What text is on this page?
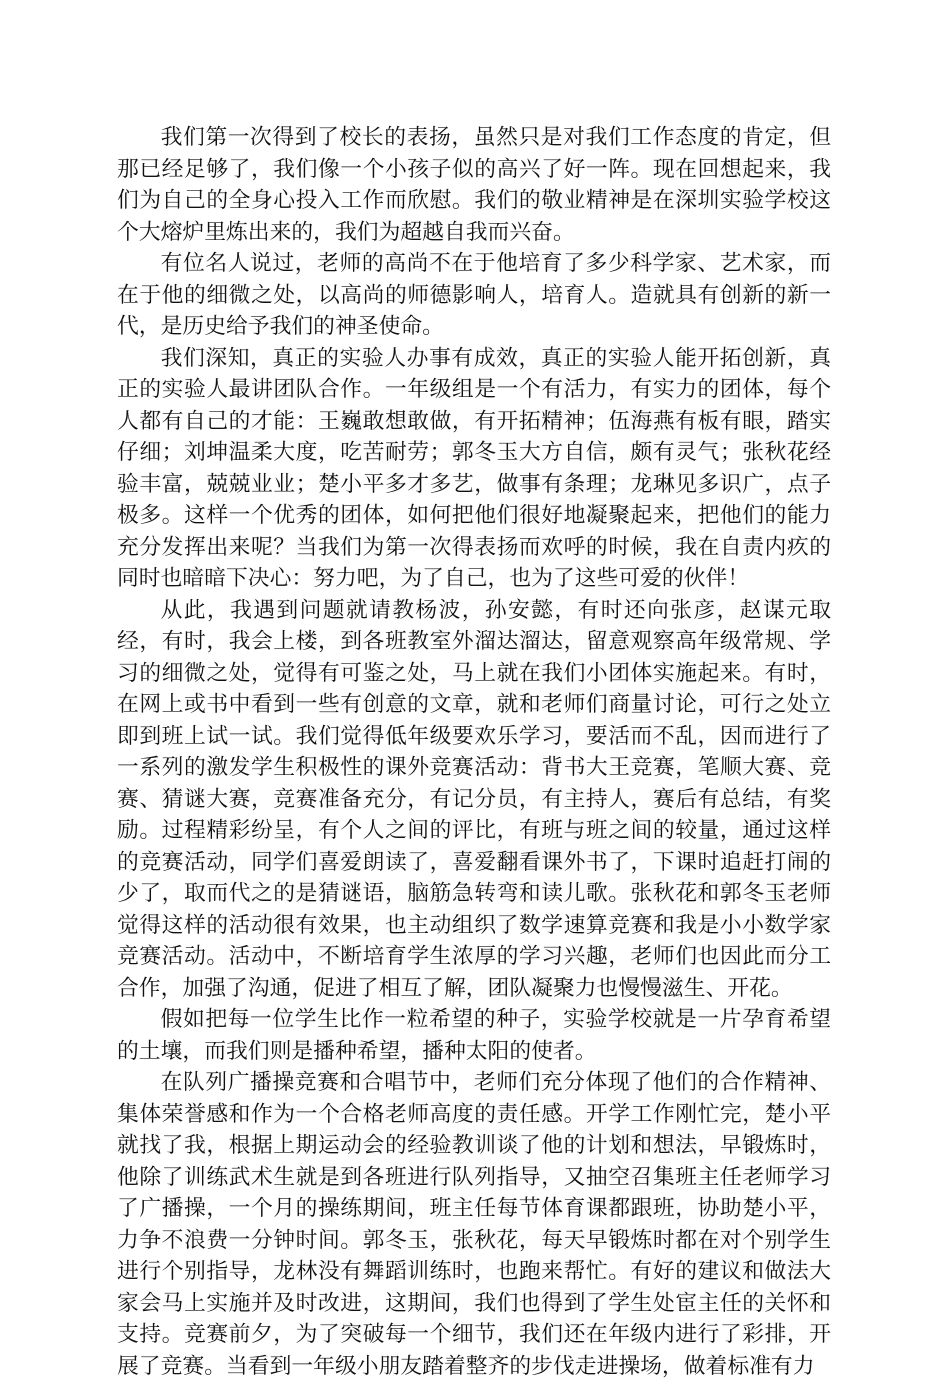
我们第一次得到了校长的表扬，虽然只是对我们工作态度的肯定，但那已经足够了，我们像一个小孩子似的高兴了好一阵。现在回想起来，我们为自己的全身心投入工作而欣慰。我们的敬业精神是在深圳实验学校这个大熔炉里炼出来的，我们为超越自我而兴奋。

有位名人说过，老师的高尚不在于他培育了多少科学家、艺术家，而在于他的细微之处，以高尚的师德影响人，培育人。造就具有创新的新一代，是历史给予我们的神圣使命。

我们深知，真正的实验人办事有成效，真正的实验人能开拓创新，真正的实验人最讲团队合作。一年级组是一个有活力，有实力的团体，每个人都有自己的才能：王巍敢想敢做，有开拓精神；伍海燕有板有眼，踏实仔细；刘坤温柔大度，吃苦耐劳；郭冬玉大方自信，颇有灵气；张秋花经验丰富，兢兢业业；楚小平多才多艺，做事有条理；龙琳见多识广，点子极多。这样一个优秀的团体，如何把他们很好地凝聚起来，把他们的能力充分发挥出来呢？当我们为第一次得表扬而欢呼的时候，我在自责内疚的同时也暗暗下决心：努力吧，为了自己，也为了这些可爱的伙伴！

从此，我遇到问题就请教杨波，孙安懿，有时还向张彦，赵谋元取经，有时，我会上楼，到各班教室外溜达溜达，留意观察高年级常规、学习的细微之处，觉得有可鉴之处，马上就在我们小团体实施起来。有时，在网上或书中看到一些有创意的文章，就和老师们商量讨论，可行之处立即到班上试一试。我们觉得低年级要欢乐学习，要活而不乱，因而进行了一系列的激发学生积极性的课外竞赛活动：背书大王竞赛，笔顺大赛、竞赛、猜谜大赛，竞赛准备充分，有记分员，有主持人，赛后有总结，有奖励。过程精彩纷呈，有个人之间的评比，有班与班之间的较量，通过这样的竞赛活动，同学们喜爱朗读了，喜爱翻看课外书了，下课时追赶打闹的少了，取而代之的是猜谜语，脑筋急转弯和读儿歌。张秋花和郭冬玉老师觉得这样的活动很有效果，也主动组织了数学速算竞赛和我是小小数学家竞赛活动。活动中，不断培育学生浓厚的学习兴趣，老师们也因此而分工合作，加强了沟通，促进了相互了解，团队凝聚力也慢慢滋生、开花。

假如把每一位学生比作一粒希望的种子，实验学校就是一片孕育希望的土壤，而我们则是播种希望，播种太阳的使者。

在队列广播操竞赛和合唱节中，老师们充分体现了他们的合作精神、集体荣誉感和作为一个合格老师高度的责任感。开学工作刚忙完，楚小平就找了我，根据上期运动会的经验教训谈了他的计划和想法，早锻炼时，他除了训练武术生就是到各班进行队列指导，又抽空召集班主任老师学习了广播操，一个月的操练期间，班主任每节体育课都跟班，协助楚小平，力争不浪费一分钟时间。郭冬玉，张秋花，每天早锻炼时都在对个别学生进行个别指导，龙林没有舞蹈训练时，也跑来帮忙。有好的建议和做法大家会马上实施并及时改进，这期间，我们也得到了学生处宦主任的关怀和支持。竞赛前夕，为了突破每一个细节，我们还在年级内进行了彩排，开展了竞赛。当看到一年级小朋友踏着整齐的步伐走进操场，做着标准有力
